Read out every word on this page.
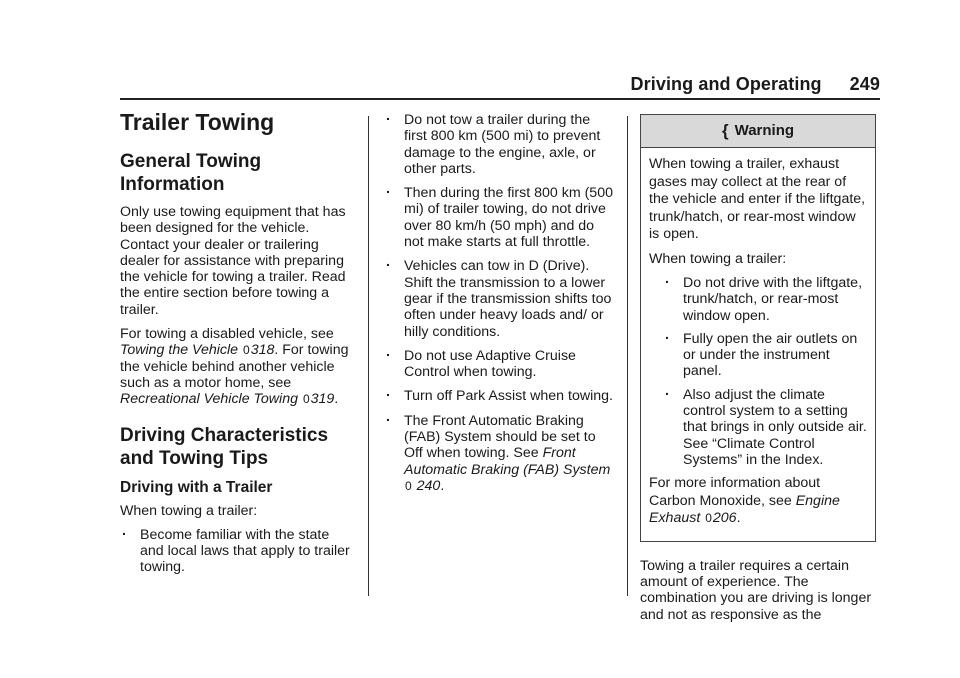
Driving and Operating 249
Trailer Towing
General Towing
Information

Only use towing equipment that has been designed for the vehicle. Contact your dealer or trailering dealer for assistance with preparing the vehicle for towing a trailer. Read the entire section before towing a trailer.

For towing a disabled vehicle, see Towing the Vehicle 0318. For towing the vehicle behind another vehicle such as a motor home, see Recreational Vehicle Towing 0319.

Driving Characteristics
and Towing Tips
Driving with a Trailer

When towing a trailer:

. Become familiar with the state and local laws that apply to trailer towing.
. Do not tow a trailer during the first 800 km (500 mi) to prevent damage to the engine, axle, or other parts.
. Then during the first 800 km (500 mi) of trailer towing, do not drive over 80 km/h (50 mph) and do not make starts at full throttle.
. Vehicles can tow in D (Drive). Shift the transmission to a lower gear if the transmission shifts too often under heavy loads and/ or hilly conditions.
. Do not use Adaptive Cruise Control when towing.
. Turn off Park Assist when towing.
. The Front Automatic Braking (FAB) System should be set to Off when towing. See Front Automatic Braking (FAB) System
0 240.
{ Warning

When towing a trailer, exhaust gases may collect at the rear of the vehicle and enter if the liftgate, trunk/hatch, or rear-most window is open.

When towing a trailer:

. Do not drive with the liftgate, trunk/hatch, or rear-most window open.
. Fully open the air outlets on or under the instrument panel.
. Also adjust the climate control system to a setting that brings in only outside air. See “Climate Control Systems” in the Index.

For more information about Carbon Monoxide, see Engine Exhaust 0206.

Towing a trailer requires a certain amount of experience. The combination you are driving is longer and not as responsive as the
